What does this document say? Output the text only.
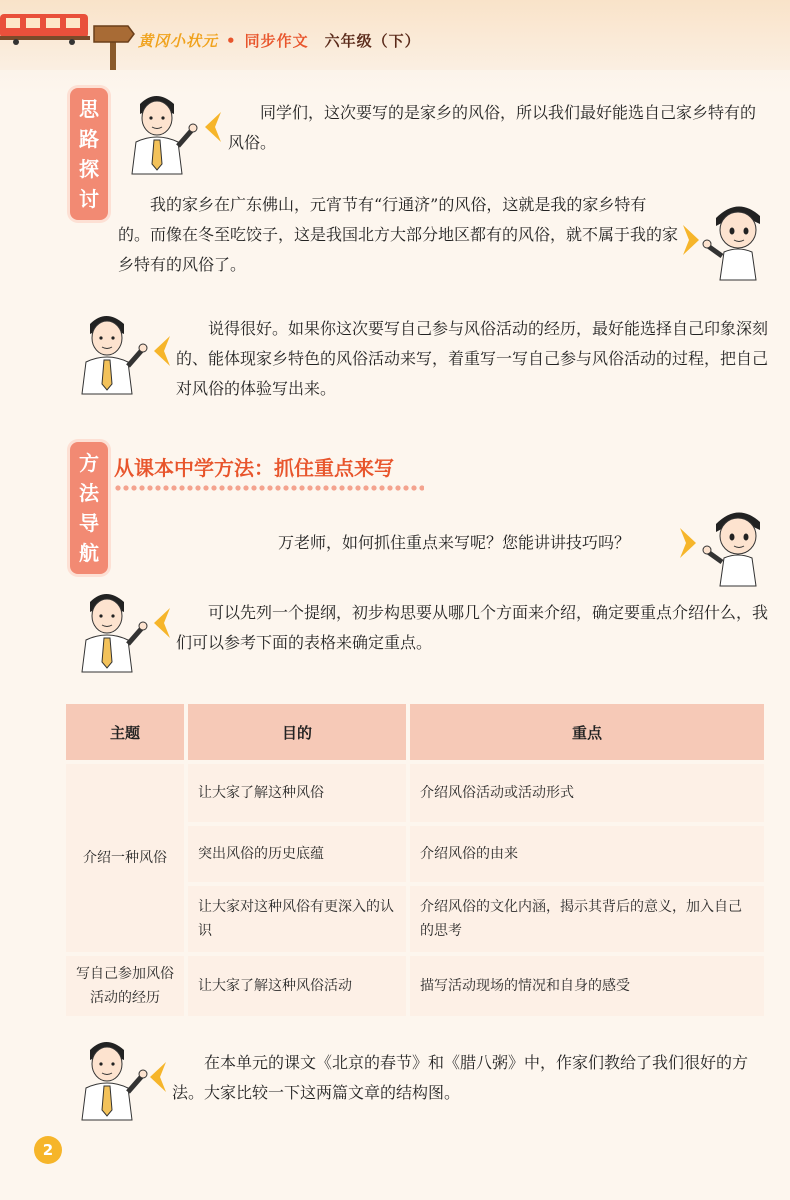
黄冈小状元 • 同步作文 六年级（下）
思
路
探
讨
同学们，这次要写的是家乡的风俗，所以我们最好能选自己家乡特有的风俗。
我的家乡在广东佛山，元宵节有“行通济”的风俗，这就是我的家乡特有的。而像在冬至吃饺子，这是我国北方大部分地区都有的风俗，就不属于我的家乡特有的风俗了。
说得很好。如果你这次要写自己参与风俗活动的经历，最好能选择自己印象深刻的、能体现家乡特色的风俗活动来写，着重写一写自己参与风俗活动的过程，把自己对风俗的体验写出来。
方
法
导
航
从课本中学方法：抓住重点来写
万老师，如何抓住重点来写呢？您能讲讲技巧吗？
可以先列一个提纲，初步构思要从哪几个方面来介绍，确定要重点介绍什么，我们可以参考下面的表格来确定重点。
主题	目的	重点
介绍一种风俗	让大家了解这种风俗	介绍风俗活动或活动形式
	突出风俗的历史底蕴	介绍风俗的由来
	让大家对这种风俗有更深入的认识	介绍风俗的文化内涵，揭示其背后的意义，加入自己的思考
写自己参加风俗活动的经历	让大家了解这种风俗活动	描写活动现场的情况和自身的感受
在本单元的课文《北京的春节》和《腊八粥》中，作家们教给了我们很好的方法。大家比较一下这两篇文章的结构图。
2
